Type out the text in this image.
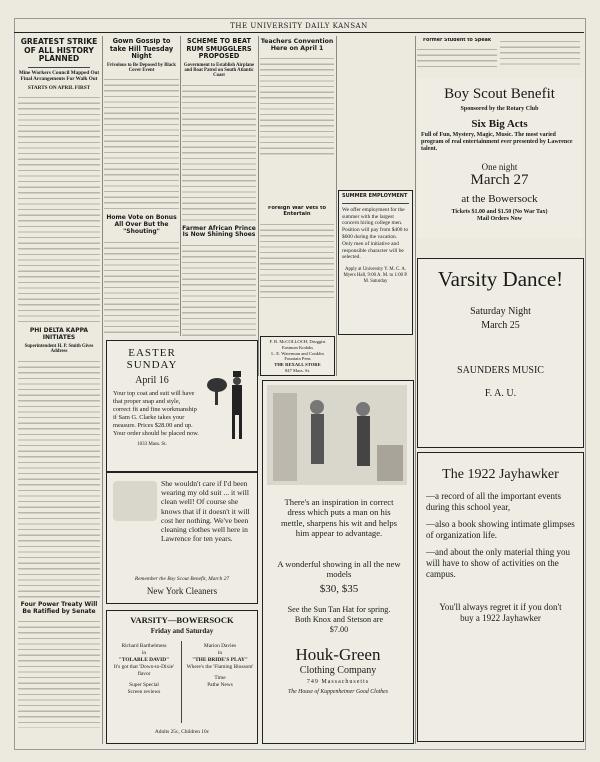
THE UNIVERSITY DAILY KANSAN
GREATEST STRIKE OF ALL HISTORY PLANNED
Mine Workers Council Mapped Out Final Arrangements For Walk Out
STARTS ON APRIL FIRST
PHI DELTA KAPPA INITIATES
Superintendent H. P. Smith Gives Address
Four Power Treaty Will Be Ratified by Senate
Gown Gossip to take Hill Tuesday Night
Frivolous to Be Deposed by Black Cover Event
Home Vote on Bonus All Over But the "Shouting"
SCHEME TO BEAT RUM SMUGGLERS PROPOSED
Government to Establish Airplane and Boat Patrol on South Atlantic Coast
Farmer African Prince Is Now Shining Shoes
Teachers Convention Here on April 1
Foreign War Vets to Entertain
SUMMER EMPLOYMENT
We offer employment for the summer with the largest concern hiring college men. Position will pay from $400 to $600 during the vacation. Only men of initiative and responsible character will be selected.
Apply at University Y. M. C. A. Myers Hall, 9:00 A. M. to 1:00 P. M. Saturday
F. B. McCOLLOCH, Druggist
Eastman Kodaks
L. E. Waterman and Conklin Fountain Pens
THE REXALL STORE
847 Mass. St.
Former Student to Speak
Boy Scout Benefit
Sponsored by the Rotary Club
Six Big Acts
Full of Fun, Mystery, Magic, Music. The most varied program of real entertainment ever presented by Lawrence talent.
One night
March 27
at the Bowersock
Tickets $1.00 and $1.50 (No War Tax)
Mail Orders Now
Varsity Dance!
Saturday Night
March 25
SAUNDERS MUSIC
F. A. U.
The 1922 Jayhawker
—a record of all the important events during this school year,
—also a book showing intimate glimpses of organization life.
—and about the only material thing you will have to show of activities on the campus.
You'll always regret it if you don't buy a 1922 Jayhawker
EASTER SUNDAY
April 16
Your top coat and suit will have that proper snap and style, correct fit and fine workmanship if Sam G. Clarke takes your measure. Prices $28.00 and up. Your order should be placed now.
1033 Mass. St.
She wouldn't care if I'd been wearing my old suit ... it will clean well! Of course she knows that if it doesn't it will cost her nothing. We've been cleaning clothes well here in Lawrence for ten years.
Remember the Boy Scout Benefit, March 27
New York Cleaners
VARSITY—BOWERSOCK
Friday and Saturday
Richard Barthelmess
in
"TOLABLE DAVID"
It's got that 'Down-to-Dixie' flavor
Super Special
Screen reviews
Marion Davies
in
"THE BRIDE'S PLAY"
Where's the 'Flaming Blossom'
Time
Pathe News
Adults 25c, Children 10c
There's an inspiration in correct dress which puts a man on his mettle, sharpens his wit and helps him appear to advantage.
A wonderful showing in all the new models
$30, $35
See the Sun Tan Hat for spring. Both Knox and Stetson are $7.00
Houk-Green
Clothing Company
749 Massachusetts
The House of Kuppenheimer Good Clothes
